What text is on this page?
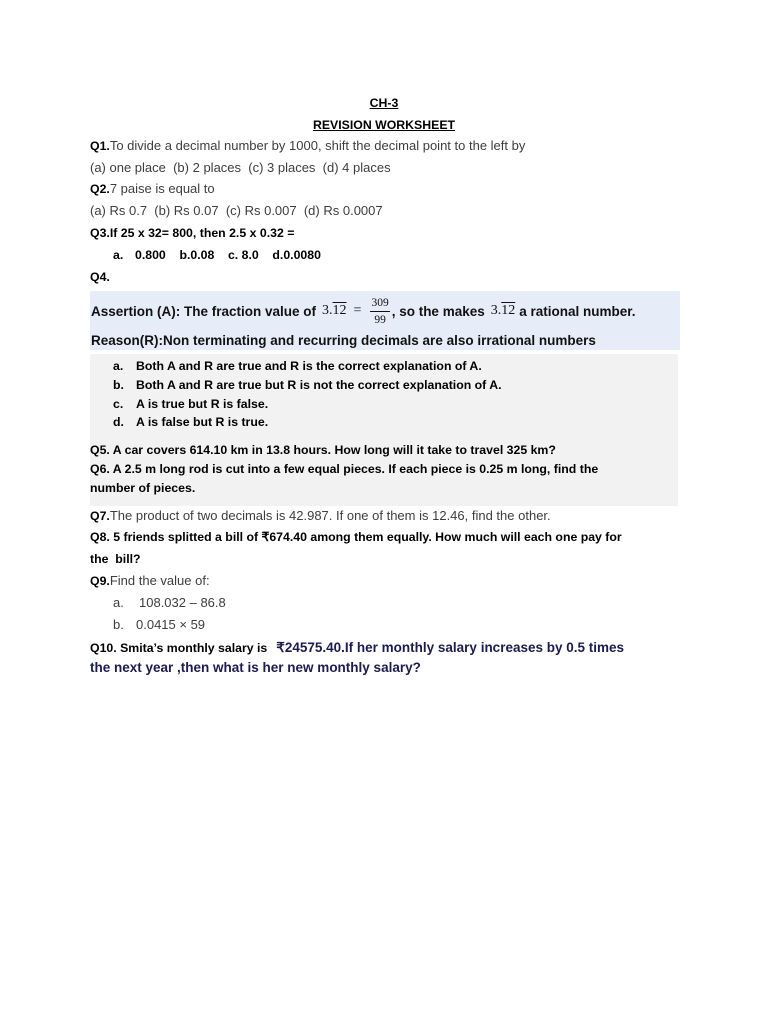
CH-3
REVISION WORKSHEET
Q1.To divide a decimal number by 1000, shift the decimal point to the left by
(a) one place  (b) 2 places  (c) 3 places  (d) 4 places
Q2.7 paise is equal to
(a) Rs 0.7  (b) Rs 0.07  (c) Rs 0.007  (d) Rs 0.0007
Q3.If 25 x 32= 800, then 2.5 x 0.32 =
a. 0.800    b.0.08    c. 8.0    d.0.0080
Q4.
Assertion (A): The fraction value of $3.12 = \frac{309}{99}$ , so the makes 3.12 a rational number.
Reason(R):Non terminating and recurring decimals are also irrational numbers
a. Both A and R are true and R is the correct explanation of A.
b. Both A and R are true but R is not the correct explanation of A.
c. A is true but R is false.
d. A is false but R is true.
Q5. A car covers 614.10 km in 13.8 hours. How long will it take to travel 325 km?
Q6. A 2.5 m long rod is cut into a few equal pieces. If each piece is 0.25 m long, find the
number of pieces.
Q7.The product of two decimals is 42.987. If one of them is 12.46, find the other.
Q8. 5 friends splitted a bill of ₹674.40 among them equally. How much will each one pay for
the  bill?
Q9.Find the value of:
a. 108.032 – 86.8
b. 0.0415 × 59
Q10. Smita’s monthly salary is ₹24575.40.If her monthly salary increases by 0.5 times
the next year ,then what is her new monthly salary?
